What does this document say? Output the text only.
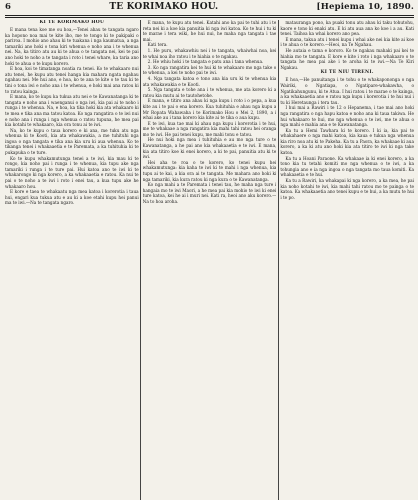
6	TE KORIMAKO HOU.	[Hepiema 10, 1890.
KI TE KORIMAKO HOU

E mana tena koe me ou hoa,—Tenei ahau te tangata ngaro ka hopono noa mai te kite iho, me te tongo ki te pakipaki o pariroa. I mohio ano ahau ki te tuakana i nga kaumatua, a nga tamariki ano hoki o tona kiri whenua e noho ana i te whenua nei. Na, ka titiro atu au ki te ahua o te tangata nei, kei te pai ano hoki te noho a te tangata i roto i tenei whare, ka taria ano hoki te ahua o te kupu korero.

E hoa, koi te timatanga noatia ra tenei. Ko te whakaaro nui atu tenei, he kupu atu tenei hanga kia mahara ngata ngahau ngahau nei. Me hui ano, e hoa, ko te ana te kite o te tau ki te tini o tona iwi e noho ana i te whenua, e hoki mai ana ratou ki to ratou kainga.

E mana, ko te kupu ka tukua atu nei e te Kawanatanga ki te tangata e noho ana i waenganui o nga iwi, kia pai ai te noho i runga i te whenua. Na, e hoa, ka tika hoki kia ata whakaaro ki te mea e tika ana ma tatou katoa. Ko nga rangatira o te iwi nui e noho ana i runga i nga whenua o ratou tupuna, he mea pai kia kotahi te whakaaro, kia ora tonu ai te iwi.

Na, ko te kupu o taua korero e ki ana, me tuku atu nga whenua ki te Kooti, kia ata whakawakia, a me tuhituhi nga ingoa o nga tangata e tika ana kia uru ki aua whenua. Ko te tikanga tenei i whakaaetia e te Paremata, a ka tuhituhia ki te pukapuka o te ture.

Ko te kupu whakamutunga tenei a te iwi, kia mau ki te rongo, kia noho pai i runga i te whenua, kia tupu ake nga tamariki i runga i te ture pai. Hui katoa ano te iwi ki te whakarongo ki nga korero, a ka whakaaetia e ratou. Ka nui te pai o te noho a te iwi i roto i enei tau, a kua tupu ake he whakaaro hou.

E kore e taea te whakaatu nga mea katoa i korerotia i taua hui, engari kua tukua atu e au ki a koe etahi kupu hei panui ma te iwi.—Na te tangata ngaro.

E mana, te kupu atu tenei. Katahi ano ka pai te tuhi atu i te reta nei ki a koe kia panuitia ki nga iwi katoa. Ko te hui i tu ki te marae i tera wiki, he hui nui, he maha nga tangata i tae mai.

Kati tera.

1. He puru, whakawhiu nei i te tangata, whaiwhai noa, kei te whai noa iho ratou i te hiahia o te ngakau.

2. He whiu hoki i te tangata e patu ana i tana whenua.

3. Ko nga rangatira kei te hui ki te whakaaro mo nga take o te whenua, a kei te noho pai te iwi.

4. Nga tangata katoa e tono ana kia uru ki te whenua kia ata whakawakia e te Kooti.

5. Nga tangata e tohe ana i te whenua, me ata korero ki a ratou kia mutu ai te tautohetohe.

E mana, e titiro ana ahau ki nga kupu i roto i o pepa, a kua kite au i te pai o ena korero. Kua tuhituhia e ahau nga kupu a Mr Ropata Wahawaha i te Korimako Hou o Mei 2, 1890, a i whai ake au i tana korero kia kite ai te tika o aua kupu.

E te iwi, kua tae mai ki ahau nga kupu i korerotia i te hui, me te whakaae a nga rangatira kia mahi tahi ratou hei oranga mo te iwi. He pai tenei kupu, me mahi tonu e tatou.

He nui hoki nga mea i tuhituhia e au mo nga ture o te Kawanatanga, a he pai ano kia whakaaetia e te iwi. E mana, kia ata titiro koe ki enei korero, a ki te pai, panuitia atu ki te iwi.

Hei aha te roa o te korero, ko tenei kupu hei whakamutunga: kia kaha te iwi ki te mahi i nga whenua, kia tupu ai te kai, a kia ora ai te tangata. Me mahara ano hoki ki nga tamariki, kia kura ratou ki nga kura o te Kawanatanga.

Ko nga mahi a te Paremata i tenei tau, he maha nga ture i hangaia mo te iwi Maori, a he mea pai kia mohio te iwi ki enei ture katoa, kei he ai i muri nei. Kati ra, heoi ano aku korero.—Na to hoa aroha.

matauranga pono, ka puaki tonu atu ahau ki taku tohutohu, kaore e tono ki enaki atu. E ki atu aua ana ko koe i a au. Kati tenei. Taihoa ka whai korero ano pea.

E mana, takua atu i tenei kupu i whai ake nei kia kite ai koe i te ahua o te korero.—Heoi, na Te Ngahau.

He autaia e tama e kororo. Ko te ngakau mahaki pai kei te hiahia mo te tangata. E kore e kite i roto i nga whakaaro o te tangata he mea pai ake i te aroha ki te iwi.—Na Te Kiri Ngakau.

KI TE NIU TIRENI.

E hoa,—He panuitanga i te tohu o te whakapononga o nga Wairiki, o Ngatiapa, o Ngatipare-whakawha, o Ngatikahungunu, ki te Atua. I hui ratou i te marae o te kainga, a ka whakaaetia ano e ratou nga kupu i korerotia i te hui nui i tu ki Heretaunga i tera tau.

I hui mai a Rawiri i te 12 o Hepanema, i tae mai ano hoki nga rangatira o nga hapu katoa e noho ana ki taua takiwa. He hui whakaaro te hui, mo nga whenua o te iwi, me te ahua o nga mahi e mahia ana e te Kawanatanga.

Ka tu a Hemi Tawhara ki te korero. I ki ia, kia pai te whakahaere o nga mahi katoa, kia kaua e tukua nga whenua kia riro noa atu ki te Pakeha. Ka tu a Paora, ka whakaae ki aua korero, a ka ki atu ano hoki kia ata titiro te iwi ki nga take katoa.

Ka tu a Hoani Paraone. Ka whakaae ia ki enei korero, a ka tono kia tu tetahi komiti mo nga whenua o te iwi, a ka tohungia ano e ia nga ingoa o nga tangata mo taua komiti. Ka whakaaetia e te hui.

Ka tu a Rawiri, ka whakapai ki nga korero, a ka mea, he pai kia noho kotahi te iwi, kia mahi tahi ratou mo te painga o te katoa. Ka whakaaetia ano tenei kupu e te hui, a ka mutu te hui i te po.
